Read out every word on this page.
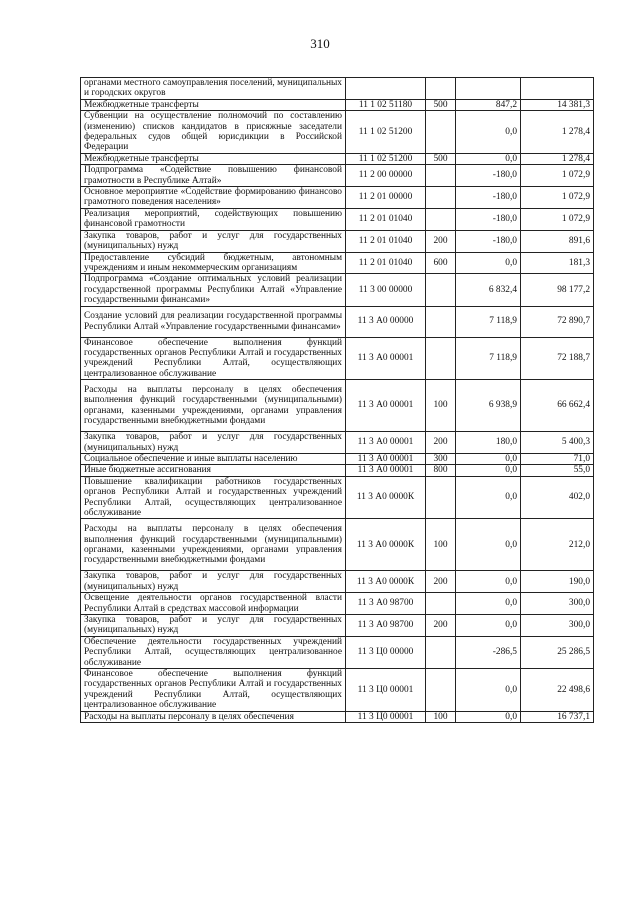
310
органами местного самоуправления поселений, муниципальных и городских округов				
Межбюджетные трансферты	11 1 02 51180	500	847,2	14 381,3
Субвенции на осуществление полномочий по составлению (изменению) списков кандидатов в присяжные заседатели федеральных судов общей юрисдикции в Российской Федерации	11 1 02 51200		0,0	1 278,4
Межбюджетные трансферты	11 1 02 51200	500	0,0	1 278,4
Подпрограмма «Содействие повышению финансовой грамотности в Республике Алтай»	11 2 00 00000		-180,0	1 072,9
Основное мероприятие «Содействие формированию финансово грамотного поведения населения»	11 2 01 00000		-180,0	1 072,9
Реализация мероприятий, содействующих повышению финансовой грамотности	11 2 01 01040		-180,0	1 072,9
Закупка товаров, работ и услуг для государственных (муниципальных) нужд	11 2 01 01040	200	-180,0	891,6
Предоставление субсидий бюджетным, автономным учреждениям и иным некоммерческим организациям	11 2 01 01040	600	0,0	181,3
Подпрограмма «Создание оптимальных условий реализации государственной программы Республики Алтай «Управление государственными финансами»	11 3 00 00000		6 832,4	98 177,2
Создание условий для реализации государственной программы Республики Алтай «Управление государственными финансами»	11 3 А0 00000		7 118,9	72 890,7
Финансовое обеспечение выполнения функций государственных органов Республики Алтай и государственных учреждений Республики Алтай, осуществляющих централизованное обслуживание	11 3 А0 00001		7 118,9	72 188,7
Расходы на выплаты персоналу в целях обеспечения выполнения функций государственными (муниципальными) органами, казенными учреждениями, органами управления государственными внебюджетными фондами	11 3 А0 00001	100	6 938,9	66 662,4
Закупка товаров, работ и услуг для государственных (муниципальных) нужд	11 3 А0 00001	200	180,0	5 400,3
Социальное обеспечение и иные выплаты населению	11 3 А0 00001	300	0,0	71,0
Иные бюджетные ассигнования	11 3 А0 00001	800	0,0	55,0
Повышение квалификации работников государственных органов Республики Алтай и государственных учреждений Республики Алтай, осуществляющих централизованное обслуживание	11 3 А0 0000К		0,0	402,0
Расходы на выплаты персоналу в целях обеспечения выполнения функций государственными (муниципальными) органами, казенными учреждениями, органами управления государственными внебюджетными фондами	11 3 А0 0000К	100	0,0	212,0
Закупка товаров, работ и услуг для государственных (муниципальных) нужд	11 3 А0 0000К	200	0,0	190,0
Освещение деятельности органов государственной власти Республики Алтай в средствах массовой информации	11 3 А0 98700		0,0	300,0
Закупка товаров, работ и услуг для государственных (муниципальных) нужд	11 3 А0 98700	200	0,0	300,0
Обеспечение деятельности государственных учреждений Республики Алтай, осуществляющих централизованное обслуживание	11 3 Ц0 00000		-286,5	25 286,5
Финансовое обеспечение выполнения функций государственных органов Республики Алтай и государственных учреждений Республики Алтай, осуществляющих централизованное обслуживание	11 3 Ц0 00001		0,0	22 498,6
Расходы на выплаты персоналу в целях обеспечения	11 3 Ц0 00001	100	0,0	16 737,1
